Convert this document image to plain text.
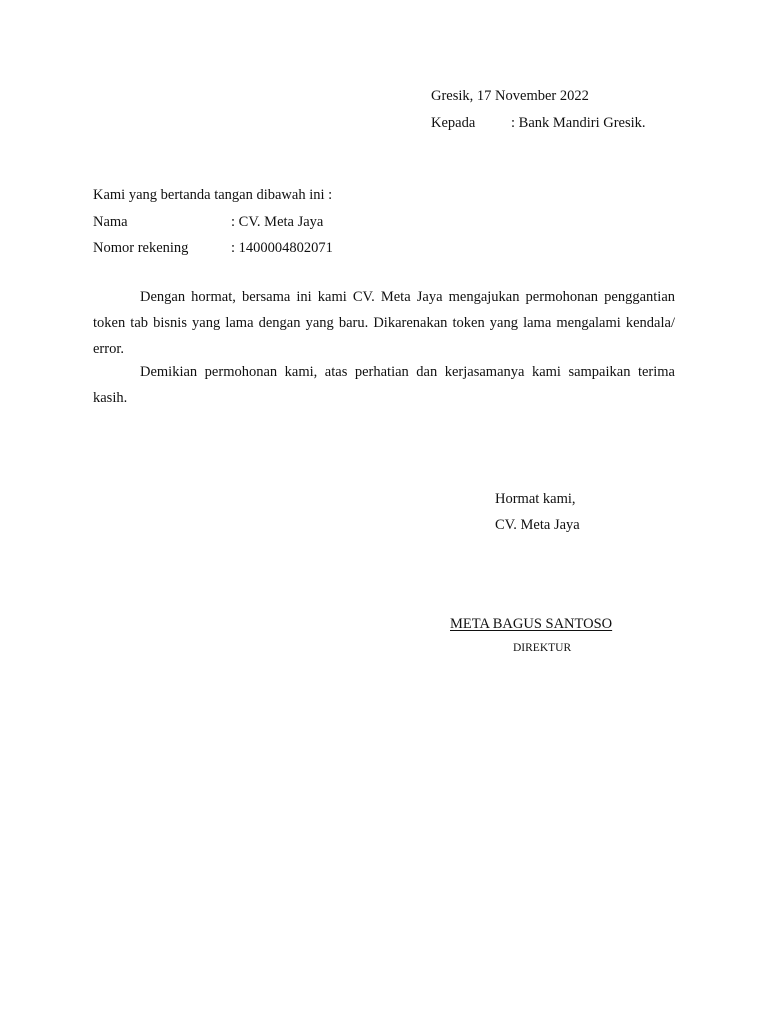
Gresik, 17 November 2022
Kepada : Bank Mandiri Gresik.
Kami yang bertanda tangan dibawah ini :
Nama	: CV. Meta Jaya
Nomor rekening	: 1400004802071

Dengan hormat, bersama ini kami CV. Meta Jaya mengajukan permohonan penggantian token tab bisnis yang lama dengan yang baru. Dikarenakan token yang lama mengalami kendala/ error.

Demikian permohonan kami, atas perhatian dan kerjasamanya kami sampaikan terima kasih.

Hormat kami,
CV. Meta Jaya
META BAGUS SANTOSO
DIREKTUR
